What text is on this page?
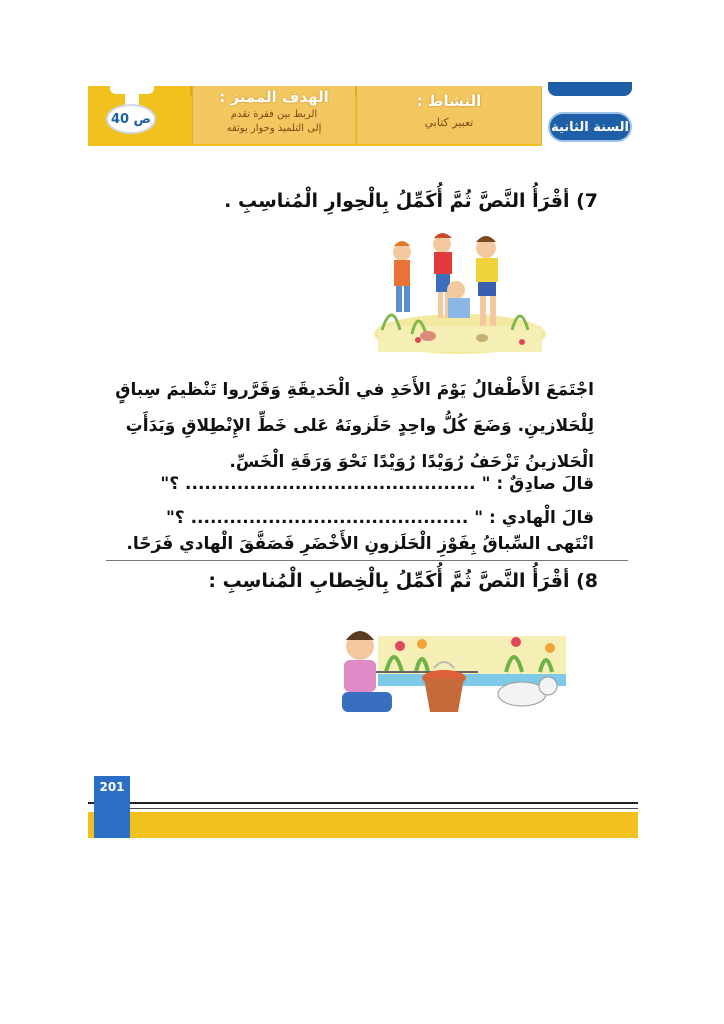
ص 40
الهدف المميز :
الربط بين فقرة تقدم
إلى التلميذ وحوار يوثقه
النشاط :
تعبير كتابي	السنة الثانية
7) أقْرَأُ النَّصَّ ثُمَّ أُكَمِّلُ بِالْحِوارِ الْمُناسِبِ .
اجْتَمَعَ الأَطْفالُ يَوْمَ الأَحَدِ في الْحَديقَةِ وَقَرَّروا تَنْظيمَ سِباقٍ
لِلْحَلازينِ. وَضَعَ كُلُّ واحِدٍ حَلَزونَهُ عَلى خَطِّ الإِنْطِلاقِ وَبَدَأَتِ
الْحَلازينُ تَزْحَفُ رُوَيْدًا رُوَيْدًا نَحْوَ وَرَقَةِ الْخَسِّ.
قالَ صادِقٌ : " ............................................. ؟"
قالَ الْهادي : " ........................................... ؟"
انْتَهى السِّباقُ بِفَوْزِ الْحَلَزونِ الأَخْضَرِ فَصَفَّقَ الْهادي فَرَحًا.
8) أقْرَأُ النَّصَّ ثُمَّ أُكَمِّلُ بِالْخِطابِ الْمُناسِبِ :
201
